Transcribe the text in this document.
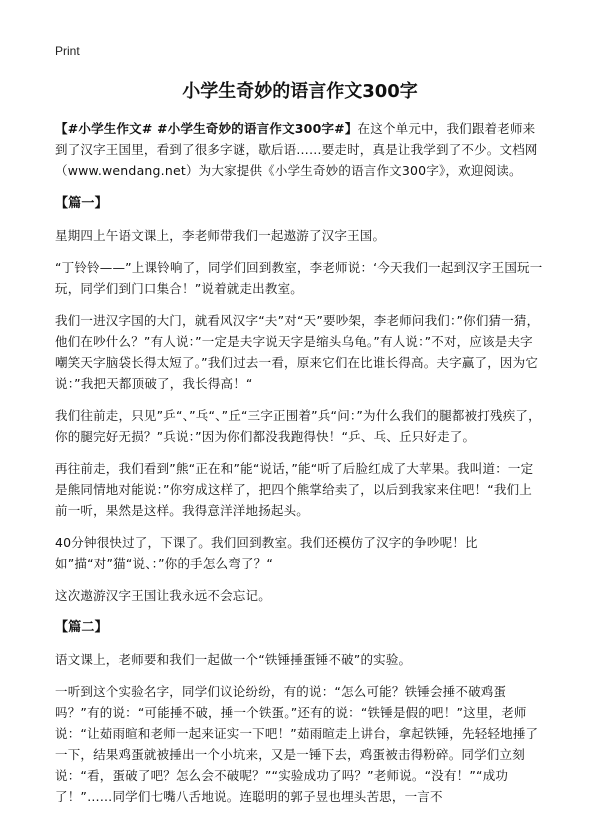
Print
小学生奇妙的语言作文300字

【#小学生作文# #小学生奇妙的语言作文300字#】在这个单元中，我们跟着老师来到了汉字王国里，看到了很多字谜，歇后语……要走时，真是让我学到了不少。文档网（www.wendang.net）为大家提供《小学生奇妙的语言作文300字》，欢迎阅读。

【篇一】

星期四上午语文课上，李老师带我们一起遨游了汉字王国。

“丁铃铃——”上课铃响了，同学们回到教室，李老师说：‘今天我们一起到汉字王国玩一玩，同学们到门口集合！”说着就走出教室。

我们一进汉字国的大门，就看风汉字“夫”对“天”要吵架，李老师问我们：”你们猜一猜，他们在吵什么？”有人说：”一定是夫字说天字是缩头乌龟。”有人说：”不对，应该是夫字嘲笑天字脑袋长得太短了。”我们过去一看，原来它们在比谁长得高。夫字赢了，因为它说：”我把天都顶破了，我长得高！“

我们往前走，只见”乒“、”乓“、”丘“三字正围着”兵“问：”为什么我们的腿都被打残疾了，你的腿完好无损？”兵说：”因为你们都没我跑得快！“乒、乓、丘只好走了。

再往前走，我们看到”熊“正在和”能“说话，”能“听了后脸红成了大苹果。我叫道：一定是熊同情地对能说：”你穷成这样了，把四个熊掌给卖了，以后到我家来住吧！“我们上前一听，果然是这样。我得意洋洋地扬起头。

40分钟很快过了，下课了。我们回到教室。我们还模仿了汉字的争吵呢！比如”描“对”猫“说、：”你的手怎么弯了？“

这次遨游汉字王国让我永远不会忘记。

【篇二】

语文课上，老师要和我们一起做一个“铁锤捶蛋锤不破”的实验。

一听到这个实验名字，同学们议论纷纷，有的说：“怎么可能？铁锤会捶不破鸡蛋吗？”有的说：“可能捶不破，捶一个铁蛋。”还有的说：“铁锤是假的吧！”这里，老师说：“让茹雨暄和老师一起来证实一下吧！”茹雨暄走上讲台，拿起铁锤，先轻轻地捶了一下，结果鸡蛋就被捶出一个小坑来，又是一锤下去，鸡蛋被击得粉碎。同学们立刻说：“看，蛋破了吧？怎么会不破呢？”“实验成功了吗？”老师说。“没有！”“成功了！”……同学们七嘴八舌地说。连聪明的郭子昱也埋头苦思，一言不
